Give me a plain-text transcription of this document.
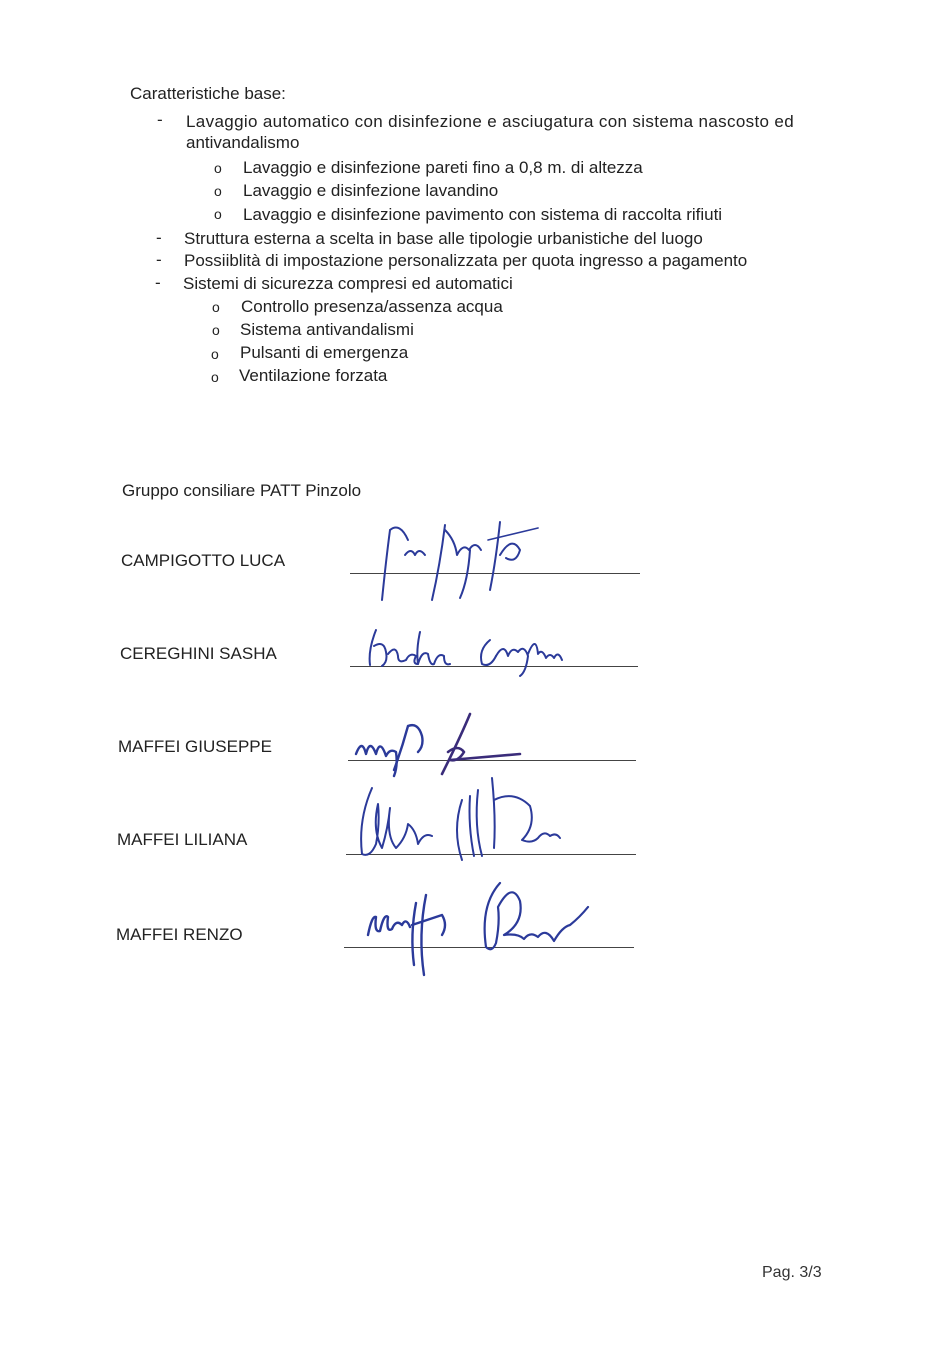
Caratteristiche base:
- Lavaggio automatico con disinfezione e asciugatura con sistema nascosto ed
antivandalismo
o Lavaggio e disinfezione pareti fino a 0,8 m. di altezza
o Lavaggio e disinfezione lavandino
o Lavaggio e disinfezione pavimento con sistema di raccolta rifiuti
- Struttura esterna a scelta in base alle tipologie urbanistiche del luogo
- Possiiblità di impostazione personalizzata per quota ingresso a pagamento
- Sistemi di sicurezza compresi ed automatici
o Controllo presenza/assenza acqua
o Sistema antivandalismi
o Pulsanti di emergenza
o Ventilazione forzata
Gruppo consiliare PATT Pinzolo
CAMPIGOTTO LUCA
CEREGHINI SASHA
MAFFEI GIUSEPPE
MAFFEI LILIANA
MAFFEI RENZO
Pag. 3/3
